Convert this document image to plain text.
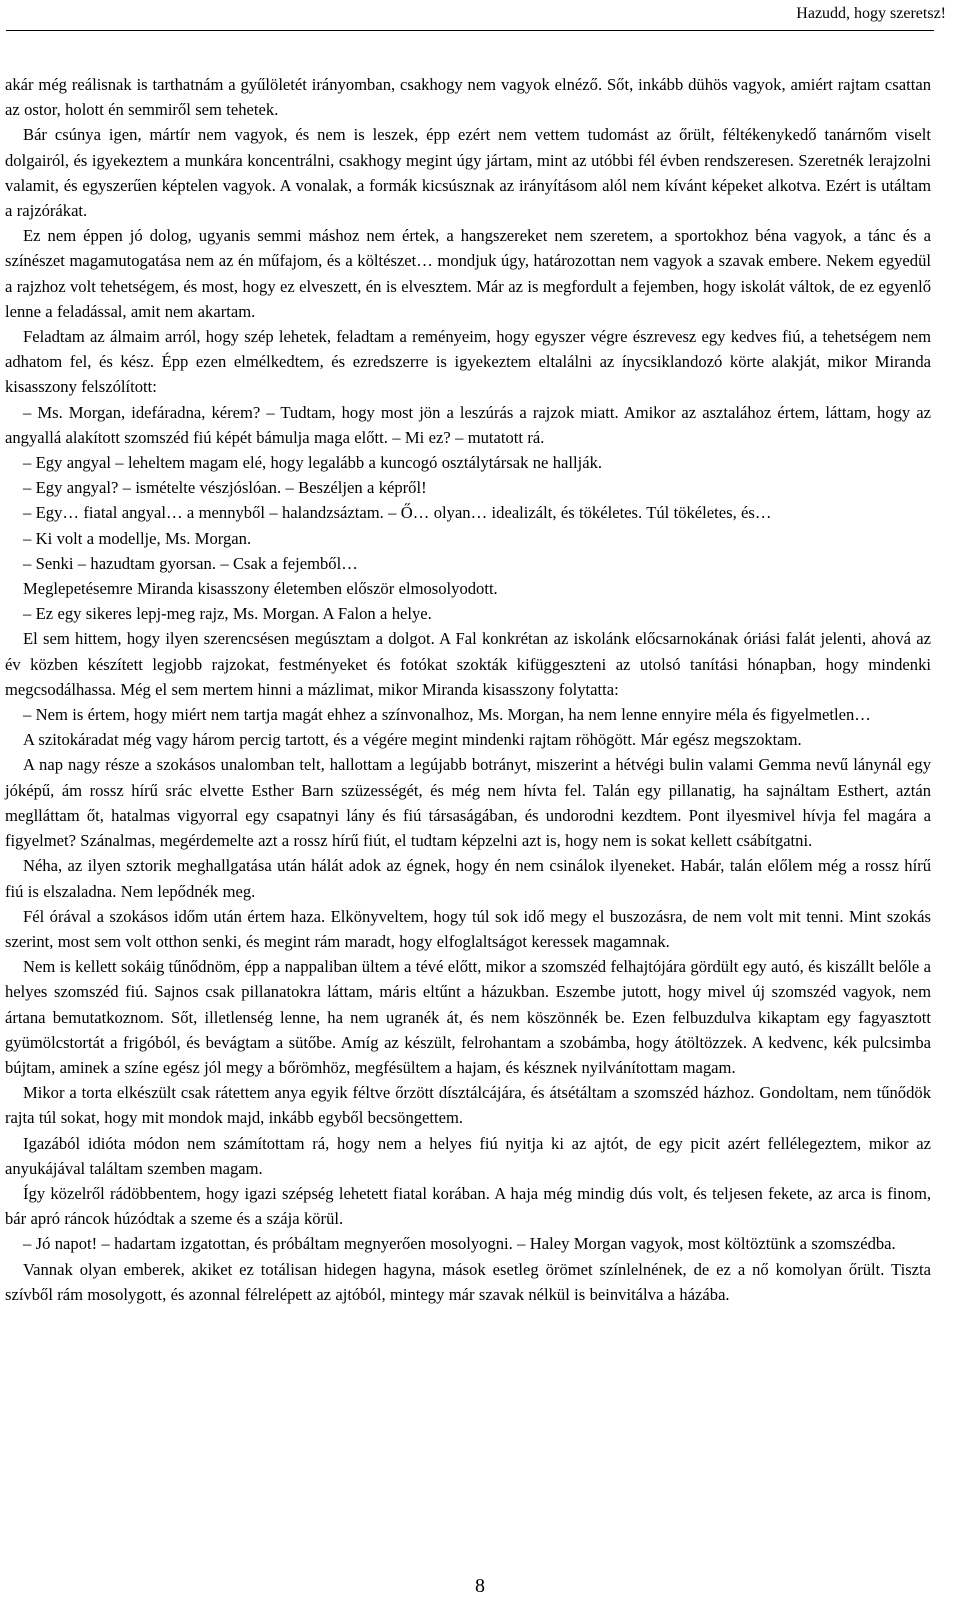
Hazudd, hogy szeretsz!

akár még reálisnak is tarthatnám a gyűlöletét irányomban, csakhogy nem vagyok elnéző. Sőt, inkább dühös vagyok, amiért rajtam csattan az ostor, holott én semmiről sem tehetek.

Bár csúnya igen, mártír nem vagyok, és nem is leszek, épp ezért nem vettem tudomást az őrült, féltékenykedő tanárnőm viselt dolgairól, és igyekeztem a munkára koncentrálni, csakhogy megint úgy jártam, mint az utóbbi fél évben rendszeresen. Szeretnék lerajzolni valamit, és egyszerűen képtelen vagyok. A vonalak, a formák kicsúsznak az irányításom alól nem kívánt képeket alkotva. Ezért is utáltam a rajzórákat.

Ez nem éppen jó dolog, ugyanis semmi máshoz nem értek, a hangszereket nem szeretem, a sportokhoz béna vagyok, a tánc és a színészet magamutogatása nem az én műfajom, és a költészet… mondjuk úgy, határozottan nem vagyok a szavak embere. Nekem egyedül a rajzhoz volt tehetségem, és most, hogy ez elveszett, én is elvesztem. Már az is megfordult a fejemben, hogy iskolát váltok, de ez egyenlő lenne a feladással, amit nem akartam.

Feladtam az álmaim arról, hogy szép lehetek, feladtam a reményeim, hogy egyszer végre észrevesz egy kedves fiú, a tehetségem nem adhatom fel, és kész. Épp ezen elmélkedtem, és ezredszerre is igyekeztem eltalálni az ínycsiklandozó körte alakját, mikor Miranda kisasszony felszólított:

– Ms. Morgan, idefáradna, kérem? – Tudtam, hogy most jön a leszúrás a rajzok miatt. Amikor az asztalához értem, láttam, hogy az angyallá alakított szomszéd fiú képét bámulja maga előtt. – Mi ez? – mutatott rá.

– Egy angyal – leheltem magam elé, hogy legalább a kuncogó osztálytársak ne hallják.

– Egy angyal? – ismételte vészjóslóan. – Beszéljen a képről!

– Egy… fiatal angyal… a mennyből – halandzsáztam. – Ő… olyan… idealizált, és tökéletes. Túl tökéletes, és…

– Ki volt a modellje, Ms. Morgan.

– Senki – hazudtam gyorsan. – Csak a fejemből…

Meglepetésemre Miranda kisasszony életemben először elmosolyodott.

– Ez egy sikeres lepj-meg rajz, Ms. Morgan. A Falon a helye.

El sem hittem, hogy ilyen szerencsésen megúsztam a dolgot. A Fal konkrétan az iskolánk előcsarnokának óriási falát jelenti, ahová az év közben készített legjobb rajzokat, festményeket és fotókat szokták kifüggeszteni az utolsó tanítási hónapban, hogy mindenki megcsodálhassa. Még el sem mertem hinni a mázlimat, mikor Miranda kisasszony folytatta:

– Nem is értem, hogy miért nem tartja magát ehhez a színvonalhoz, Ms. Morgan, ha nem lenne ennyire méla és figyelmetlen…

A szitokáradat még vagy három percig tartott, és a végére megint mindenki rajtam röhögött. Már egész megszoktam.

A nap nagy része a szokásos unalomban telt, hallottam a legújabb botrányt, miszerint a hétvégi bulin valami Gemma nevű lánynál egy jóképű, ám rossz hírű srác elvette Esther Barn szüzességét, és még nem hívta fel. Talán egy pillanatig, ha sajnáltam Esthert, aztán meglláttam őt, hatalmas vigyorral egy csapatnyi lány és fiú társaságában, és undorodni kezdtem. Pont ilyesmivel hívja fel magára a figyelmet? Szánalmas, megérdemelte azt a rossz hírű fiút, el tudtam képzelni azt is, hogy nem is sokat kellett csábítgatni.

Néha, az ilyen sztorik meghallgatása után hálát adok az égnek, hogy én nem csinálok ilyeneket. Habár, talán előlem még a rossz hírű fiú is elszaladna. Nem lepődnék meg.

Fél órával a szokásos időm után értem haza. Elkönyveltem, hogy túl sok idő megy el buszozásra, de nem volt mit tenni. Mint szokás szerint, most sem volt otthon senki, és megint rám maradt, hogy elfoglaltságot keressek magamnak.

Nem is kellett sokáig tűnődnöm, épp a nappaliban ültem a tévé előtt, mikor a szomszéd felhajtójára gördült egy autó, és kiszállt belőle a helyes szomszéd fiú. Sajnos csak pillanatokra láttam, máris eltűnt a házukban. Eszembe jutott, hogy mivel új szomszéd vagyok, nem ártana bemutatkoznom. Sőt, illetlenség lenne, ha nem ugranék át, és nem köszönnék be. Ezen felbuzdulva kikaptam egy fagyasztott gyümölcstortát a frigóból, és bevágtam a sütőbe. Amíg az készült, felrohantam a szobámba, hogy átöltözzek. A kedvenc, kék pulcsimba bújtam, aminek a színe egész jól megy a bőrömhöz, megfésültem a hajam, és késznek nyilvánítottam magam.

Mikor a torta elkészült csak rátettem anya egyik féltve őrzött dísztálcájára, és átsétáltam a szomszéd házhoz. Gondoltam, nem tűnődök rajta túl sokat, hogy mit mondok majd, inkább egyből becsöngettem.

Igazából idióta módon nem számítottam rá, hogy nem a helyes fiú nyitja ki az ajtót, de egy picit azért fellélegeztem, mikor az anyukájával találtam szemben magam.

Így közelről rádöbbentem, hogy igazi szépség lehetett fiatal korában. A haja még mindig dús volt, és teljesen fekete, az arca is finom, bár apró ráncok húzódtak a szeme és a szája körül.

– Jó napot! – hadartam izgatottan, és próbáltam megnyerően mosolyogni. – Haley Morgan vagyok, most költöztünk a szomszédba.

Vannak olyan emberek, akiket ez totálisan hidegen hagyna, mások esetleg örömet színlelnének, de ez a nő komolyan őrült. Tiszta szívből rám mosolygott, és azonnal félrelépett az ajtóból, mintegy már szavak nélkül is beinvitálva a házába.

8
